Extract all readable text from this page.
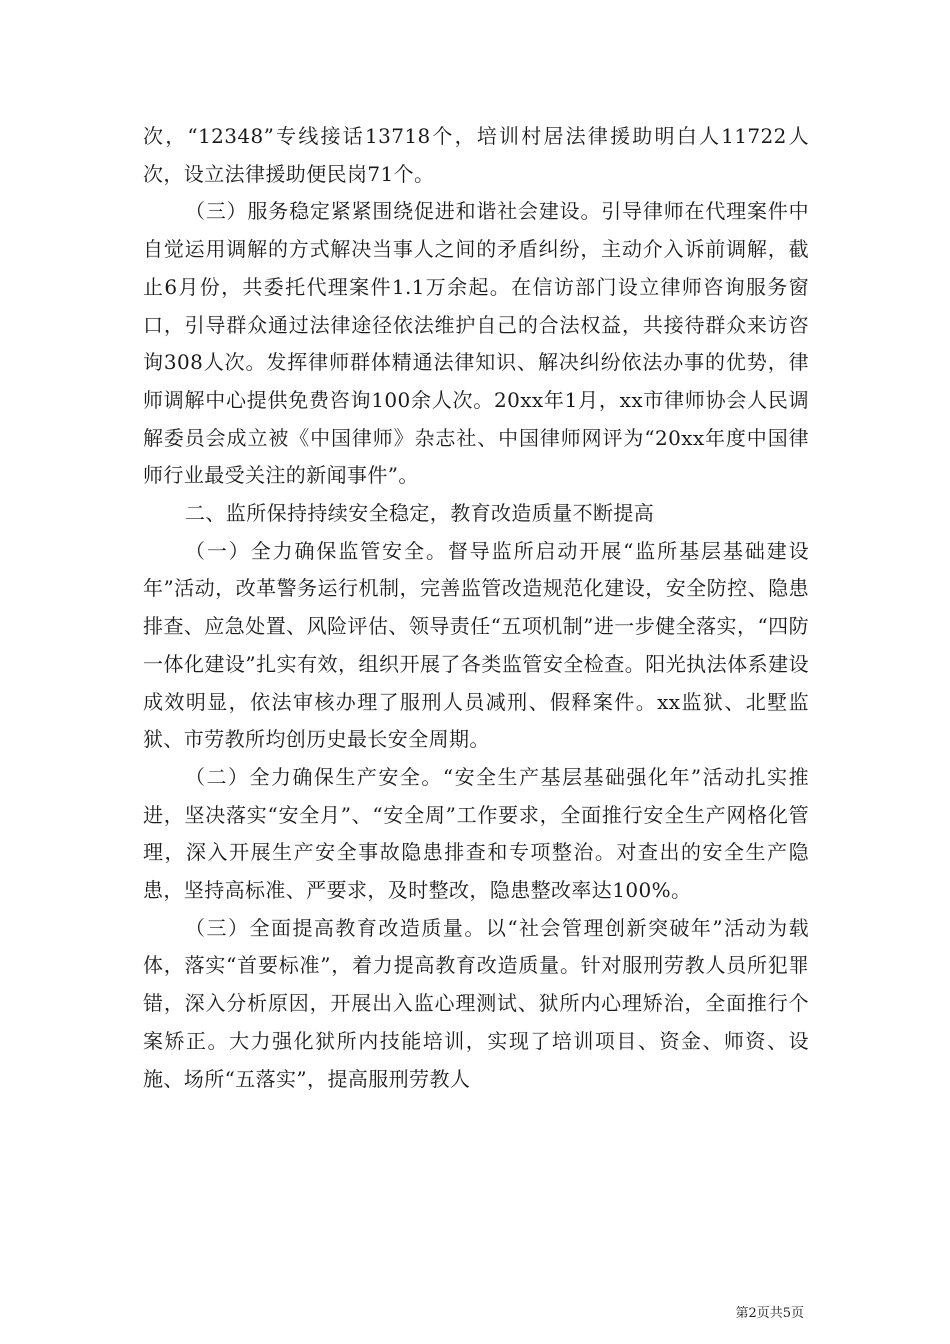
次，“12348”专线接话13718个，培训村居法律援助明白人11722人次，设立法律援助便民岗71个。

（三）服务稳定紧紧围绕促进和谐社会建设。引导律师在代理案件中自觉运用调解的方式解决当事人之间的矛盾纠纷，主动介入诉前调解，截止6月份，共委托代理案件1.1万余起。在信访部门设立律师咨询服务窗口，引导群众通过法律途径依法维护自己的合法权益，共接待群众来访咨询308人次。发挥律师群体精通法律知识、解决纠纷依法办事的优势，律师调解中心提供免费咨询100余人次。20xx年1月，xx市律师协会人民调解委员会成立被《中国律师》杂志社、中国律师网评为“20xx年度中国律师行业最受关注的新闻事件”。

二、监所保持持续安全稳定，教育改造质量不断提高

（一）全力确保监管安全。督导监所启动开展“监所基层基础建设年”活动，改革警务运行机制，完善监管改造规范化建设，安全防控、隐患排查、应急处置、风险评估、领导责任“五项机制”进一步健全落实，“四防一体化建设”扎实有效，组织开展了各类监管安全检查。阳光执法体系建设成效明显，依法审核办理了服刑人员减刑、假释案件。xx监狱、北墅监狱、市劳教所均创历史最长安全周期。

（二）全力确保生产安全。“安全生产基层基础强化年”活动扎实推进，坚决落实“安全月”、“安全周”工作要求，全面推行安全生产网格化管理，深入开展生产安全事故隐患排查和专项整治。对查出的安全生产隐患，坚持高标准、严要求，及时整改，隐患整改率达100%。

（三）全面提高教育改造质量。以“社会管理创新突破年”活动为载体，落实“首要标准”，着力提高教育改造质量。针对服刑劳教人员所犯罪错，深入分析原因，开展出入监心理测试、狱所内心理矫治，全面推行个案矫正。大力强化狱所内技能培训，实现了培训项目、资金、师资、设施、场所“五落实”，提高服刑劳教人

第2页共5页
